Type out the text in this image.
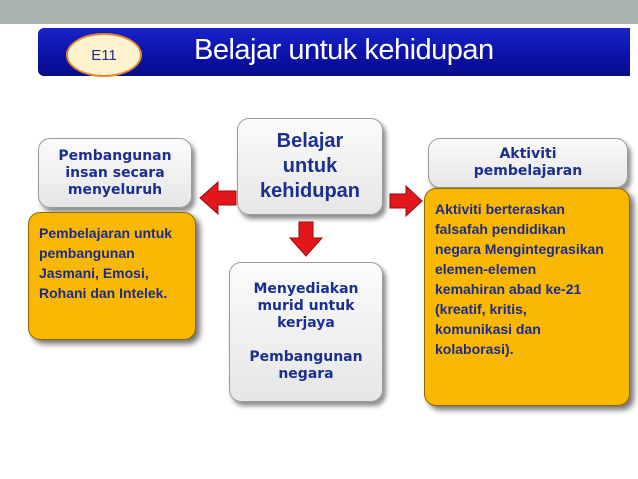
E11	Belajar untuk kehidupan
Belajar
untuk
kehidupan
Pembangunan
insan secara
menyeluruh
Aktiviti
pembelajaran
Menyediakan
murid untuk
kerjaya

Pembangunan
negara
Pembelajaran untuk
pembangunan
Jasmani, Emosi,
Rohani dan Intelek.
Aktiviti berteraskan
falsafah pendidikan
negara Mengintegrasikan
elemen-elemen
kemahiran abad ke-21
(kreatif, kritis,
komunikasi dan
kolaborasi).
